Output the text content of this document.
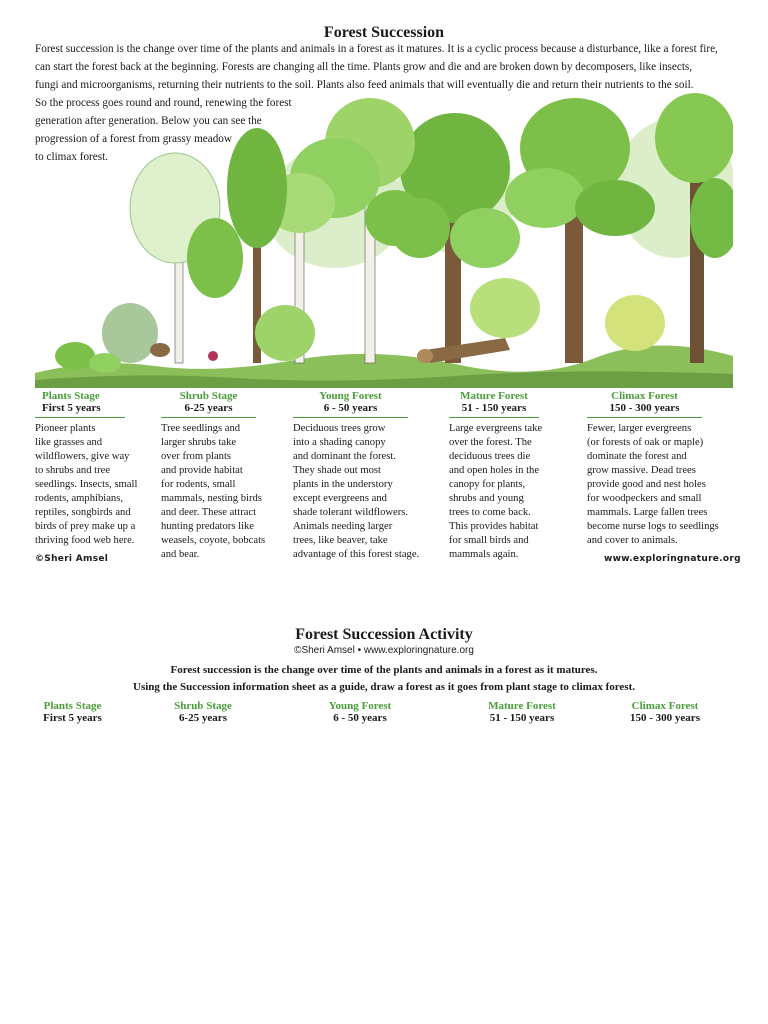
Forest Succession
Forest succession is the change over time of the plants and animals in a forest as it matures. It is a cyclic process because a disturbance, like a forest fire,
can start the forest back at the beginning. Forests are changing all the time. Plants grow and die and are broken down by decomposers, like insects,
fungi and microorganisms, returning their nutrients to the soil. Plants also feed animals that will eventually die and return their nutrients to the soil.
So the process goes round and round, renewing the forest
generation after generation. Below you can see the
progression of a forest from grassy meadow
to climax forest.
Plants Stage
First 5 years
Pioneer plants
like grasses and
wildflowers, give way
to shrubs and tree
seedlings. Insects, small
rodents, amphibians,
reptiles, songbirds and
birds of prey make up a
thriving food web here.
Shrub Stage
6-25 years
Tree seedlings and
larger shrubs take
over from plants
and provide habitat
for rodents, small
mammals, nesting birds
and deer. These attract
hunting predators like
weasels, coyote, bobcats
and bear.
Young Forest
6 - 50 years
Deciduous trees grow
into a shading canopy
and dominant the forest.
They shade out most
plants in the understory
except evergreens and
shade tolerant wildflowers.
Animals needing larger
trees, like beaver, take
advantage of this forest stage.
Mature Forest
51 - 150 years
Large evergreens take
over the forest. The
deciduous trees die
and open holes in the
canopy for plants,
shrubs and young
trees to come back.
This provides habitat
for small birds and
mammals again.
Climax Forest
150 - 300 years
Fewer, larger evergreens
(or forests of oak or maple)
dominate the forest and
grow massive. Dead trees
provide good and nest holes
for woodpeckers and small
mammals. Large fallen trees
become nurse logs to seedlings
and cover to animals.
©Sheri Amsel	www.exploringnature.org
Forest Succession Activity
©Sheri Amsel • www.exploringnature.org
Forest succession is the change over time of the plants and animals in a forest as it matures.
Using the Succession information sheet as a guide, draw a forest as it goes from plant stage to climax forest.
Plants Stage
First 5 years
Shrub Stage
6-25 years
Young Forest
6 - 50 years
Mature Forest
51 - 150 years
Climax Forest
150 - 300 years
